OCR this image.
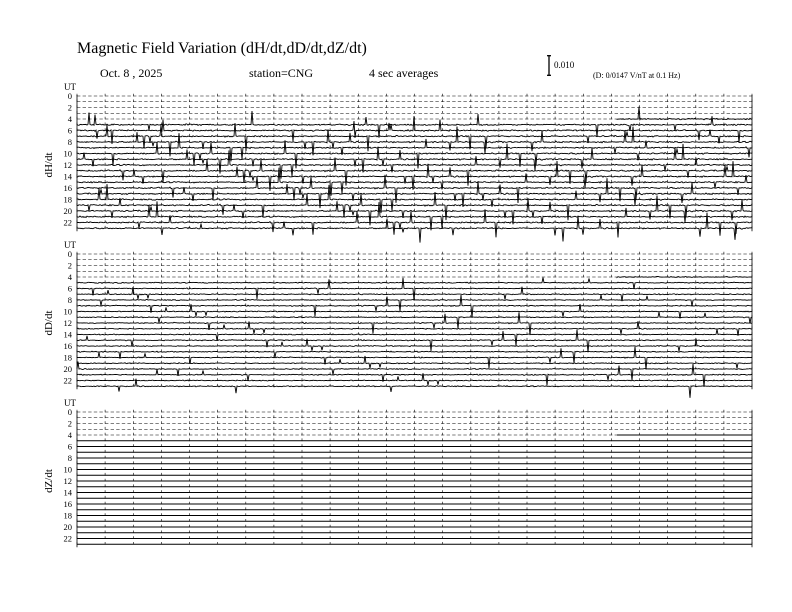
Magnetic Field Variation (dH/dt,dD/dt,dZ/dt)
Oct. 8 , 2025	station=CNG	4 sec averages
0.010
(D: 0/0147 V/nT at 0.1 Hz)
UT
dH/dt
0
2
4
6
8
10
12
14
16
18
20
22
UT
dD/dt
0
2
4
6
8
10
12
14
16
18
20
22
UT
dZ/dt
0
2
4
6
8
10
12
14
16
18
20
22
